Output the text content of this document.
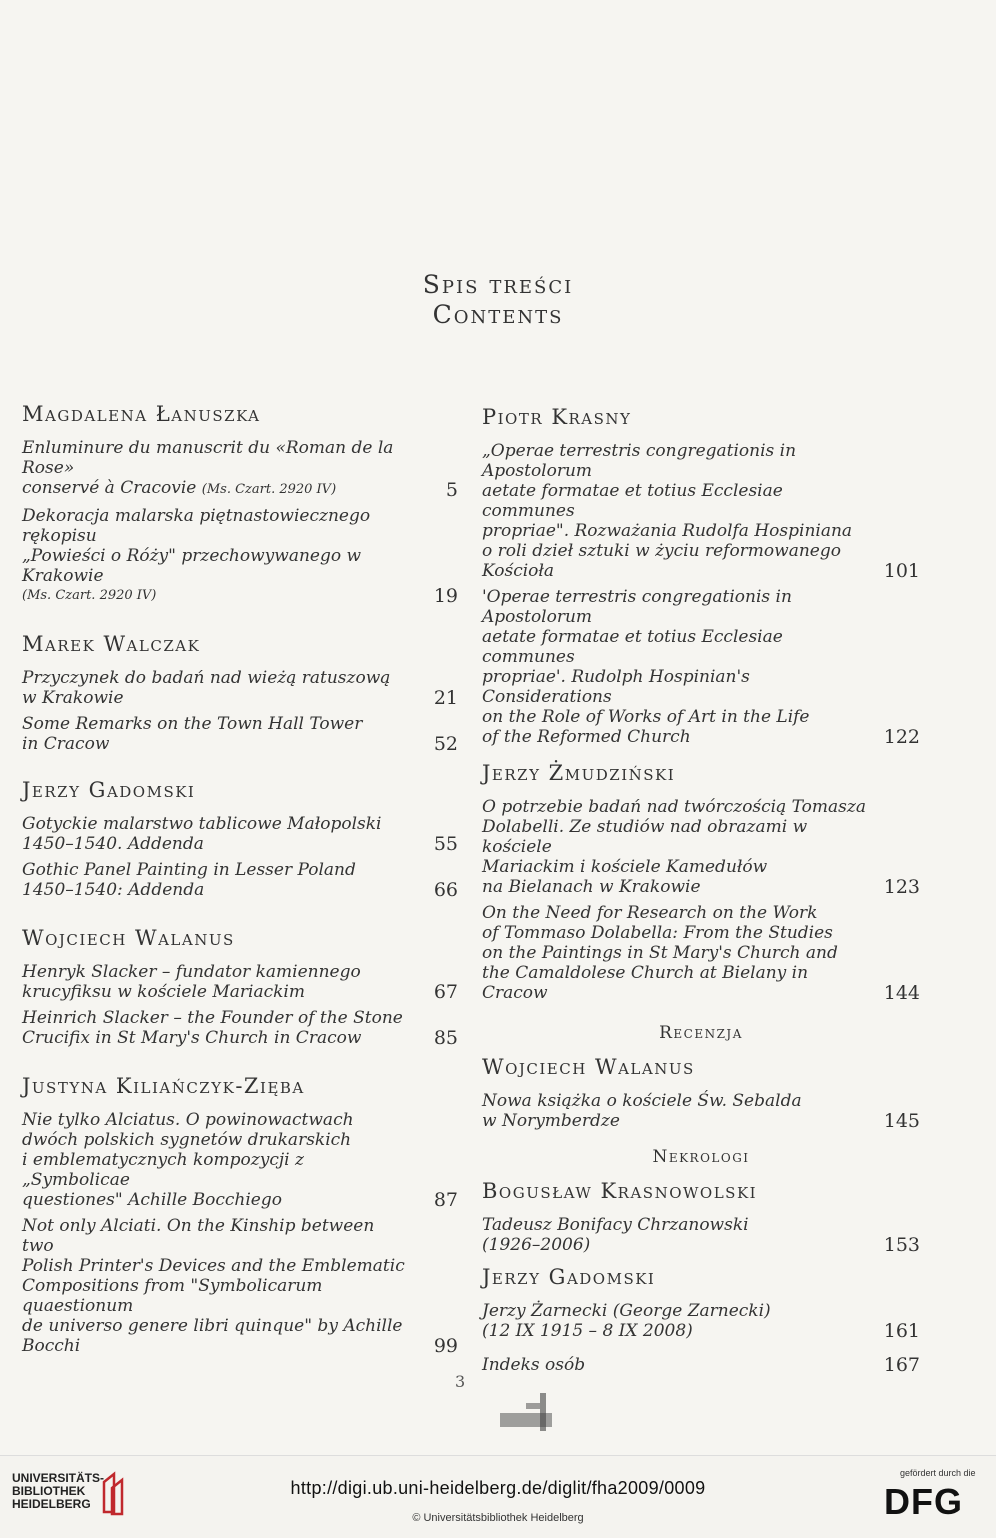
Spis treści
Contents
Magdalena Łanuszka
Enluminure du manuscrit du «Roman de la Rose»
conservé à Cracovie (Ms. Czart. 2920 IV)	5
Dekoracja malarska piętnastowiecznego rękopisu
„Powieści o Róży" przechowywanego w Krakowie
(Ms. Czart. 2920 IV)	19
Marek Walczak
Przyczynek do badań nad wieżą ratuszową
w Krakowie	21
Some Remarks on the Town Hall Tower
in Cracow	52
Jerzy Gadomski
Gotyckie malarstwo tablicowe Małopolski
1450–1540. Addenda	55
Gothic Panel Painting in Lesser Poland
1450–1540: Addenda	66
Wojciech Walanus
Henryk Slacker – fundator kamiennego
krucyfiksu w kościele Mariackim	67
Heinrich Slacker – the Founder of the Stone
Crucifix in St Mary's Church in Cracow	85
Justyna Kiliańczyk-Zięba
Nie tylko Alciatus. O powinowactwach
dwóch polskich sygnetów drukarskich
i emblematycznych kompozycji z „Symbolicae
questiones" Achille Bocchiego	87
Not only Alciati. On the Kinship between two
Polish Printer's Devices and the Emblematic
Compositions from "Symbolicarum quaestionum
de universo genere libri quinque" by Achille
Bocchi	99
Piotr Krasny
„Operae terrestris congregationis in Apostolorum
aetate formatae et totius Ecclesiae communes
propriae". Rozważania Rudolfa Hospiniana
o roli dzieł sztuki w życiu reformowanego
Kościoła	101
'Operae terrestris congregationis in Apostolorum
aetate formatae et totius Ecclesiae communes
propriae'. Rudolph Hospinian's Considerations
on the Role of Works of Art in the Life
of the Reformed Church	122
Jerzy Żmudziński
O potrzebie badań nad twórczością Tomasza
Dolabelli. Ze studiów nad obrazami w kościele
Mariackim i kościele Kamedułów
na Bielanach w Krakowie	123
On the Need for Research on the Work
of Tommaso Dolabella: From the Studies
on the Paintings in St Mary's Church and
the Camaldolese Church at Bielany in Cracow	144
Recenzja
Wojciech Walanus
Nowa książka o kościele Św. Sebalda
w Norymberdze	145
Nekrologi
Bogusław Krasnowolski
Tadeusz Bonifacy Chrzanowski
(1926–2006)	153
Jerzy Gadomski
Jerzy Żarnecki (George Zarnecki)
(12 IX 1915 – 8 IX 2008)	161
Indeks osób	167
3
UNIVERSITÄTS-
BIBLIOTHEK
HEIDELBERG
http://digi.ub.uni-heidelberg.de/diglit/fha2009/0009
© Universitätsbibliothek Heidelberg
gefördert durch die
DFG
